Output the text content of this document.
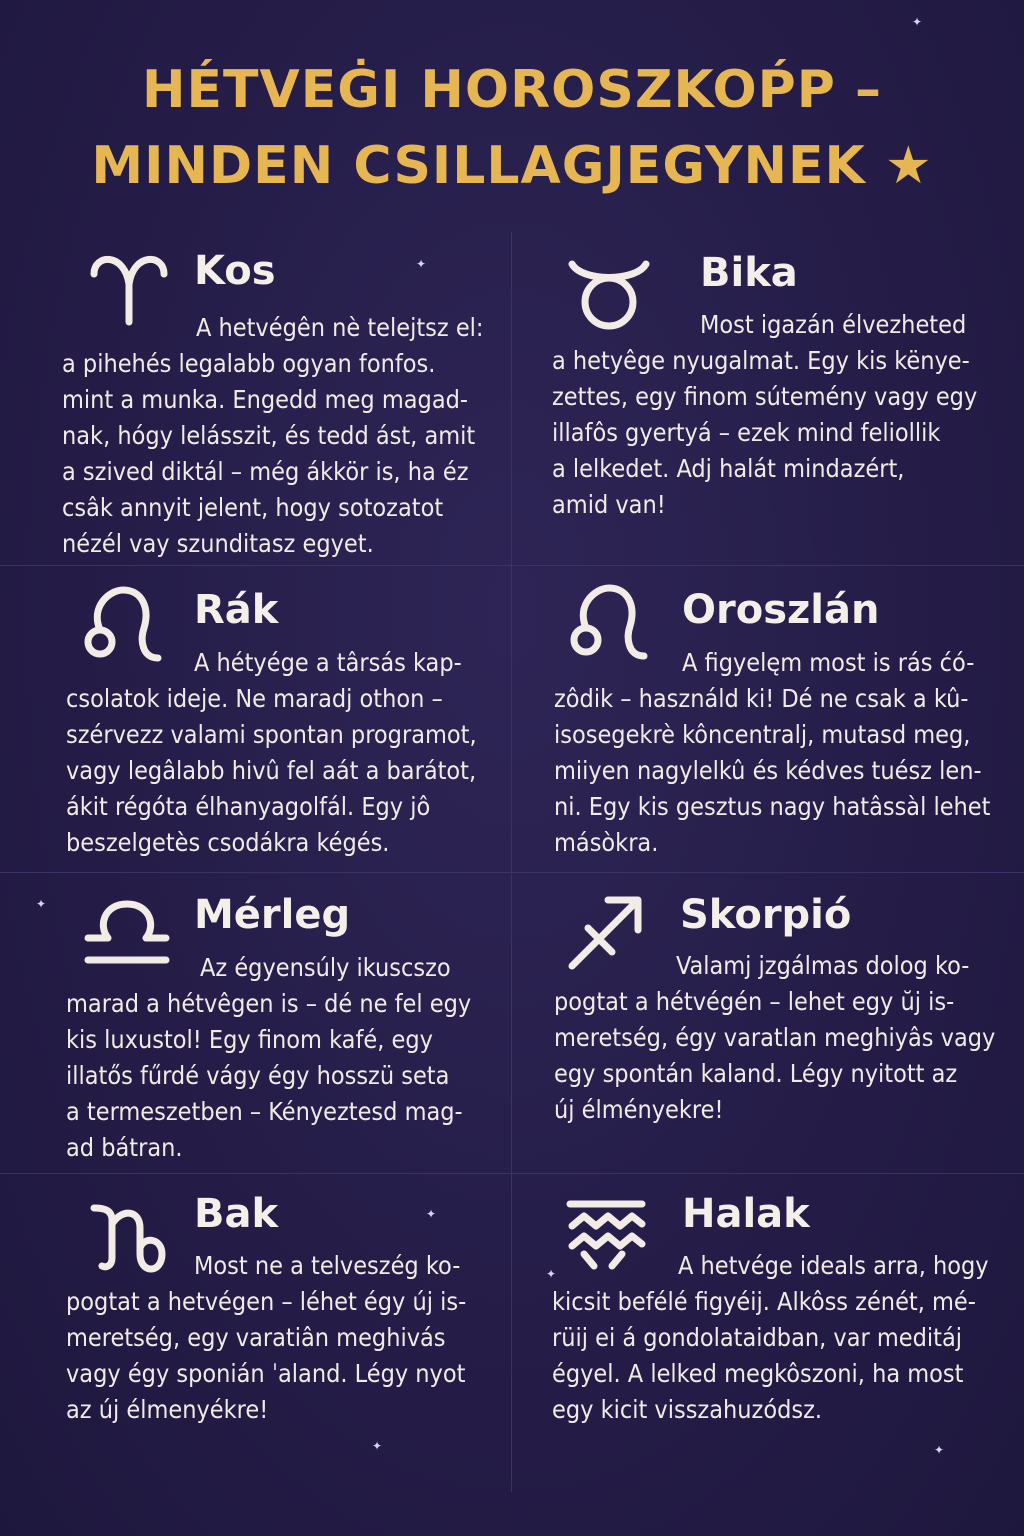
✦
✦
✦
✦
✦
✦	✦
HÉTVEĠI HOROSZKOṔP –
MINDEN CSILLAGJEGYNEK ★
Kos
A hetvégên nè telejtsz el:
a pihehés legalabb ogyan fonfos.
mint a munka. Engedd meg magad-
nak, hógy lelásszit, és tedd ást, amit
a szived diktál – még ákkör is, ha éz
csâk annyit jelent, hogy sotozatot
nézél vay szunditasz egyet.
Bika
Most igazán élvezheted
a hetyêge nyugalmat. Egy kis kënye-
zettes, egy finom sútemény vagy egy
illafôs gyertyá – ezek mind feliollik
a lelkedet. Adj halát mindazért,
amid van!
Rák
A hétyége a târsás kap-
csolatok ideje. Ne maradj othon –
szérvezz valami spontan programot,
vagy legâlabb hivû fel aát a barátot,
ákit régóta élhanyagolfál. Egy jô
beszelgetès csodákra kégés.
Oroszlán
A figyelęm most is rás ćó-
zôdik – használd ki! Dé ne csak a kû-
isosegekrè kôncentralj, mutasd meg,
miiyen nagylelkû és kédves tuész len-
ni. Egy kis gesztus nagy hatâssàl lehet
másòkra.
Mérleg
Az égyensúly ikuscszo
marad a hétvêgen is – dé ne fel egy
kis luxustol! Egy finom kafé, egy
illatős fűrdé vágy égy hosszü seta
a termeszetben – Kényeztesd mag-
ad bátran.
Skorpió
Valamj jzgálmas dolog ko-
pogtat a hétvégén – lehet egy ŭj is-
meretség, égy varatlan meghiyâs vagy
egy spontán kaland. Légy nyitott az
új élményekre!
Bak
Most ne a telveszég ko-
pogtat a hetvégen – léhet égy új is-
meretség, egy varatiân meghivás
vagy égy sponián ˈaland. Légy nyot
az új élmenyékre!
Halak
A hetvége ideals arra, hogy
kicsit befélé figyéij. Alkôss zénét, mé-
rüij ei á gondolataidban, var meditáj
égyel. A lelked megkôszoni, ha most
egy kicit visszahuzódsz.
